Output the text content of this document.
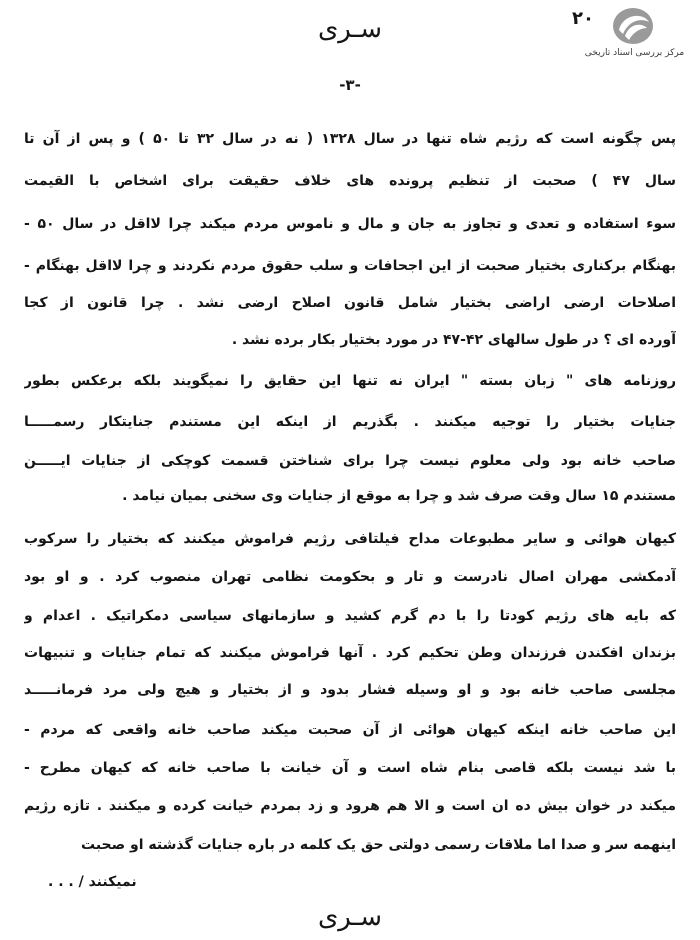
مرکز بررسی اسناد تاریخی
۲۰
سـری
-۳-
پس چگونه است که رژیم شاه تنها در سال ۱۳۲۸ ( نه در سال ۳۲ تا ۵۰ ) و پس از آن تا
سال ۴۷ ) صحبت از تنظیم پرونده های خلاف حقیقت برای اشخاص با القیمت
سوء استفاده و تعدی و تجاوز به جان و مال و ناموس مردم میکند چرا لااقل در سال ۵۰ -
بهنگام برکناری بختیار صحبت از این اجحافات و سلب حقوق مردم نکردند و چرا لااقل بهنگام -
اصلاحات ارضی اراضی بختیار شامل قانون اصلاح ارضی نشد . چرا قانون از کجا
آورده ای ؟ در طول سالهای ۴۲-۴۷ در مورد بختیار بکار برده نشد .
روزنامه های " زبان بسته " ایران نه تنها این حقایق را نمیگویند بلکه برعکس بطور
جنایات بختیار را توجیه میکنند . بگذریم از اینکه این مستندم جنایتکار رسمـــــا
صاحب خانه بود ولی معلوم نیست چرا برای شناختن قسمت کوچکی از جنایات ایـــــن
مستندم ۱۵ سال وقت صرف شد و چرا به موقع از جنایات وی سخنی بمیان نیامد .
کیهان هوائی و سایر مطبوعات مداح فیلتافی رژیم فراموش میکنند که بختیار را سرکوب
آدمکشی مهران اصال نادرست و تار و بحکومت نظامی تهران منصوب کرد . و او بود
که بایه های رژیم کودتا را با دم گرم کشید و سازمانهای سیاسی دمکراتیک . اعدام و
بزندان افکندن فرزندان وطن تحکیم کرد . آنها فراموش میکنند که تمام جنایات و تنبیهات
مجلسی صاحب خانه بود و او وسیله فشار بدود و از بختیار و هیچ ولی مرد فرمانـــــد
این صاحب خانه اینکه کیهان هوائی از آن صحبت میکند صاحب خانه واقعی که مردم -
با شد نیست بلکه قاصی بنام شاه است و آن خیانت با صاحب خانه که کیهان مطرح -
میکند در خوان بیش ده ان است و الا هم هرود و زد بمردم خیانت کرده و میکنند . تازه رژیم
اینهمه سر و صدا اما ملاقات رسمی دولتی حق یک کلمه در باره جنایات گذشته او صحبت
نمیکنند / . . .
سـری
